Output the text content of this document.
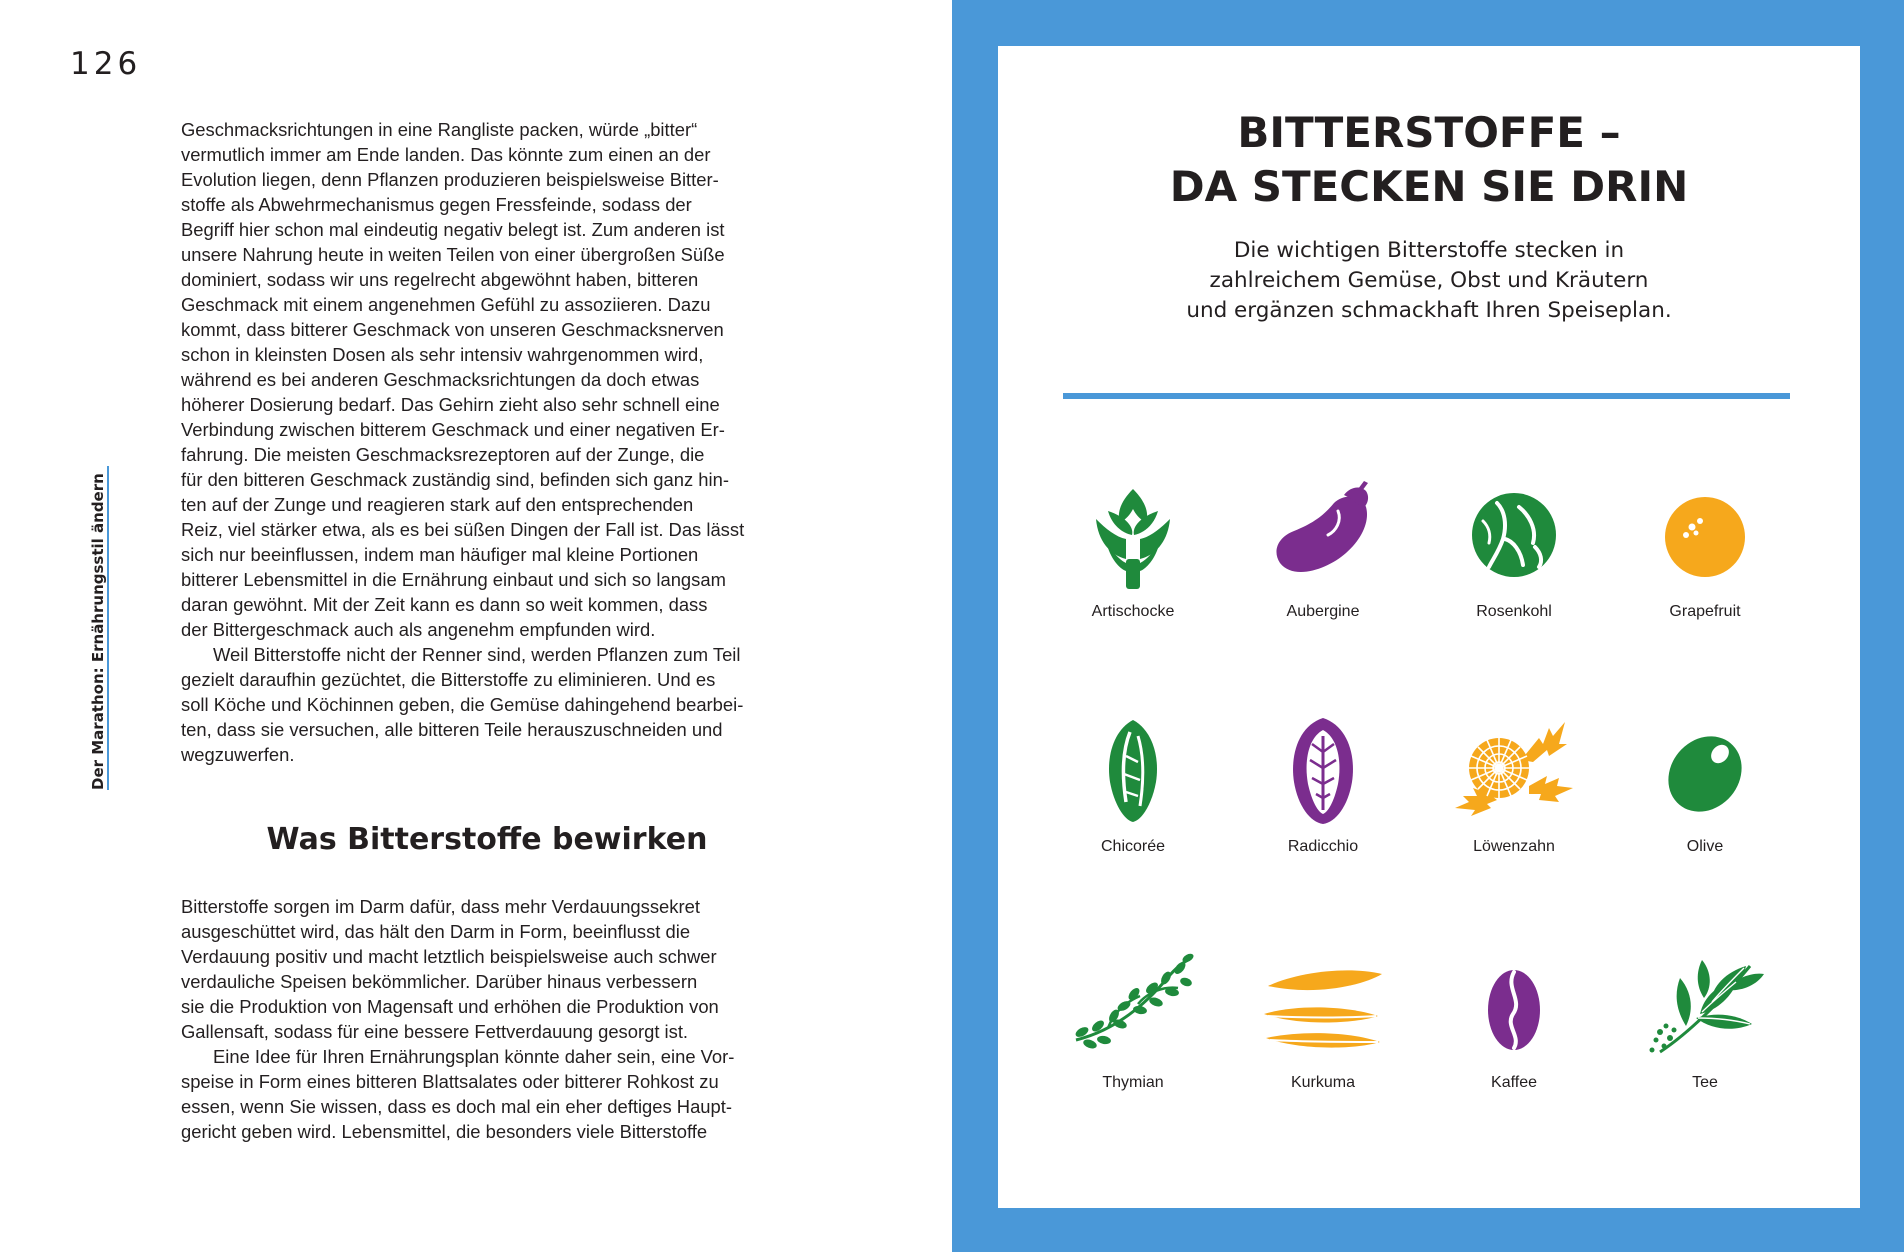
126
Der Marathon: Ernährungsstil ändern

Geschmacksrichtungen in eine Rangliste packen, würde „bitter“

vermutlich immer am Ende landen. Das könnte zum einen an der

Evolution liegen, denn Pflanzen produzieren beispielsweise Bitter-

stoffe als Abwehrmechanismus gegen Fressfeinde, sodass der

Begriff hier schon mal eindeutig negativ belegt ist. Zum anderen ist

unsere Nahrung heute in weiten Teilen von einer übergroßen Süße

dominiert, sodass wir uns regelrecht abgewöhnt haben, bitteren

Geschmack mit einem angenehmen Gefühl zu assoziieren. Dazu

kommt, dass bitterer Geschmack von unseren Geschmacksnerven

schon in kleinsten Dosen als sehr intensiv wahrgenommen wird,

während es bei anderen Geschmacksrichtungen da doch etwas

höherer Dosierung bedarf. Das Gehirn zieht also sehr schnell eine

Verbindung zwischen bitterem Geschmack und einer negativen Er-

fahrung. Die meisten Geschmacksrezeptoren auf der Zunge, die

für den bitteren Geschmack zuständig sind, befinden sich ganz hin-

ten auf der Zunge und reagieren stark auf den entsprechenden

Reiz, viel stärker etwa, als es bei süßen Dingen der Fall ist. Das lässt

sich nur beeinflussen, indem man häufiger mal kleine Portionen

bitterer Lebensmittel in die Ernährung einbaut und sich so langsam

daran gewöhnt. Mit der Zeit kann es dann so weit kommen, dass

der Bittergeschmack auch als angenehm empfunden wird.

Weil Bitterstoffe nicht der Renner sind, werden Pflanzen zum Teil

gezielt daraufhin gezüchtet, die Bitterstoffe zu eliminieren. Und es

soll Köche und Köchinnen geben, die Gemüse dahingehend bearbei-

ten, dass sie versuchen, alle bitteren Teile herauszuschneiden und

wegzuwerfen.

Was Bitterstoffe bewirken

Bitterstoffe sorgen im Darm dafür, dass mehr Verdauungssekret

ausgeschüttet wird, das hält den Darm in Form, beeinflusst die

Verdauung positiv und macht letztlich beispielsweise auch schwer

verdauliche Speisen bekömmlicher. Darüber hinaus verbessern

sie die Produktion von Magensaft und erhöhen die Produktion von

Gallensaft, sodass für eine bessere Fettverdauung gesorgt ist.

Eine Idee für Ihren Ernährungsplan könnte daher sein, eine Vor-

speise in Form eines bitteren Blattsalates oder bitterer Rohkost zu

essen, wenn Sie wissen, dass es doch mal ein eher deftiges Haupt-

gericht geben wird. Lebensmittel, die besonders viele Bitterstoffe

BITTERSTOFFE –
DA STECKEN SIE DRIN

Die wichtigen Bitterstoffe stecken in
zahlreichem Gemüse, Obst und Kräutern
und ergänzen schmackhaft Ihren Speiseplan.

Artischocke	Aubergine	Rosenkohl	Grapefruit
Chicorée	Radicchio	Löwenzahn	Olive
Thymian	Kurkuma	Kaffee	Tee
